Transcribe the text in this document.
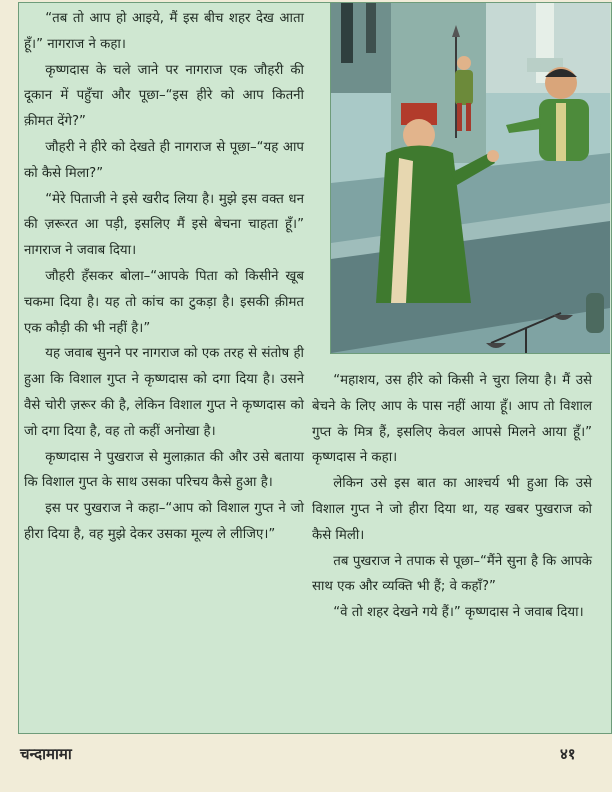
“तब तो आप हो आइये, मैं इस बीच शहर देख आता हूँ।” नागराज ने कहा।

कृष्णदास के चले जाने पर नागराज एक जौहरी की दूकान में पहुँचा और पूछा–“इस हीरे को आप कितनी क़ीमत देंगे?”

जौहरी ने हीरे को देखते ही नागराज से पूछा–“यह आप को कैसे मिला?”

“मेरे पिताजी ने इसे खरीद लिया है। मुझे इस वक्त धन की ज़रूरत आ पड़ी, इसलिए मैं इसे बेचना चाहता हूँ।” नागराज ने जवाब दिया।

जौहरी हँसकर बोला–“आपके पिता को किसीने खूब चकमा दिया है। यह तो कांच का टुकड़ा है। इसकी क़ीमत एक कौड़ी की भी नहीं है।”

यह जवाब सुनने पर नागराज को एक तरह से संतोष ही हुआ कि विशाल गुप्त ने कृष्णदास को दगा दिया है। उसने वैसे चोरी ज़रूर की है, लेकिन विशाल गुप्त ने कृष्णदास को जो दगा दिया है, वह तो कहीं अनोखा है।

कृष्णदास ने पुखराज से मुलाक़ात की और उसे बताया कि विशाल गुप्त के साथ उसका परिचय कैसे हुआ है।

इस पर पुखराज ने कहा–“आप को विशाल गुप्त ने जो हीरा दिया है, वह मुझे देकर उसका मूल्य ले लीजिए।”

“महाशय, उस हीरे को किसी ने चुरा लिया है। मैं उसे बेचने के लिए आप के पास नहीं आया हूँ। आप तो विशाल गुप्त के मित्र हैं, इसलिए केवल आपसे मिलने आया हूँ।” कृष्णदास ने कहा।

लेकिन उसे इस बात का आश्चर्य भी हुआ कि उसे विशाल गुप्त ने जो हीरा दिया था, यह खबर पुखराज को कैसे मिली।

तब पुखराज ने तपाक से पूछा–“मैंने सुना है कि आपके साथ एक और व्यक्ति भी हैं; वे कहाँ?”

“वे तो शहर देखने गये हैं।” कृष्णदास ने जवाब दिया।

चन्दामामा	४१
